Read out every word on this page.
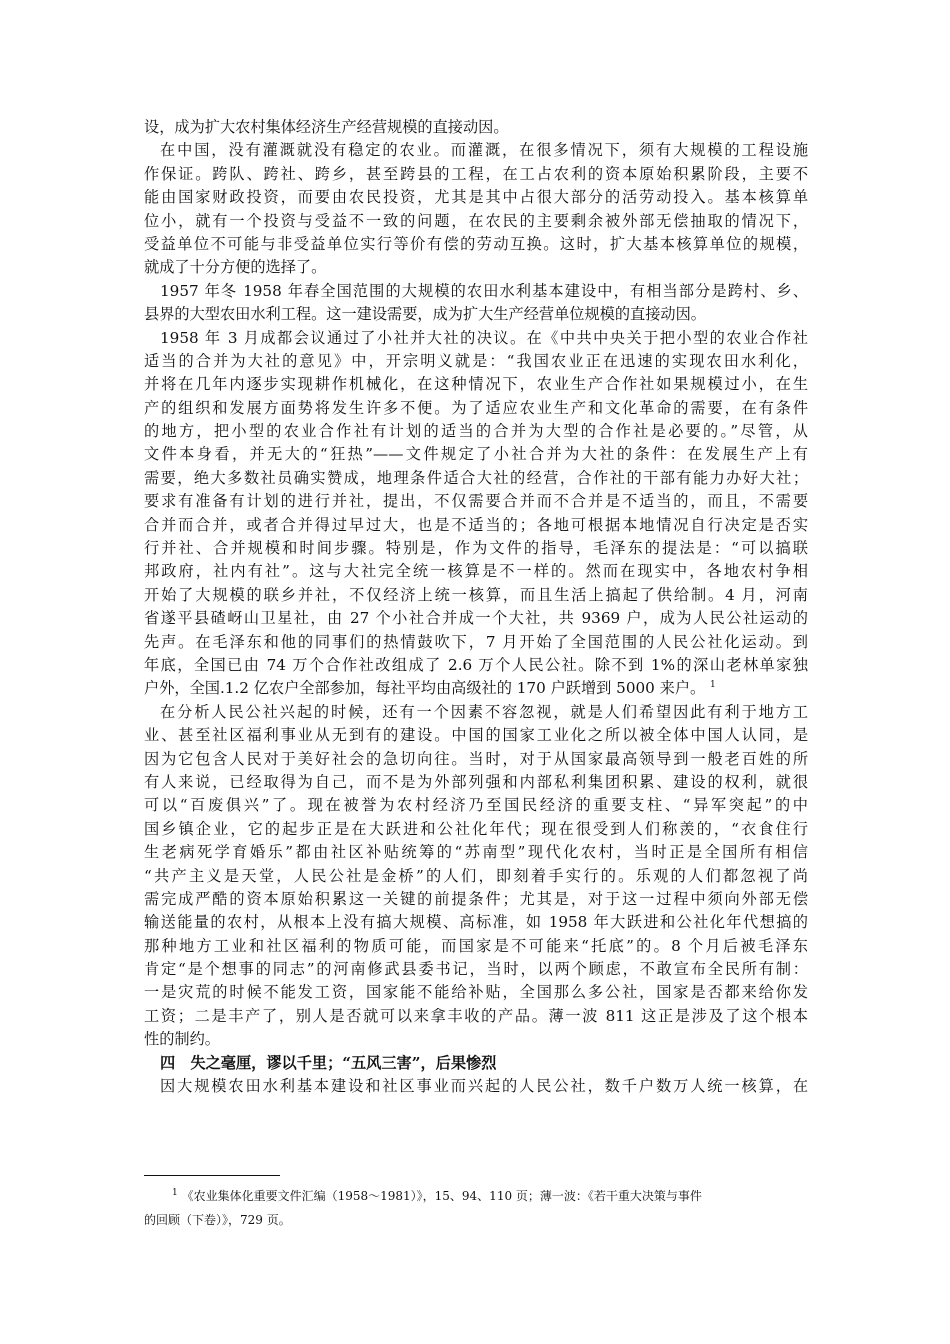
设，成为扩大农村集体经济生产经营规模的直接动因。
在中国，没有灌溉就没有稳定的农业。而灌溉，在很多情况下，须有大规模的工程设施
作保证。跨队、跨社、跨乡，甚至跨县的工程，在工占农利的资本原始积累阶段，主要不
能由国家财政投资，而要由农民投资，尤其是其中占很大部分的活劳动投入。基本核算单
位小，就有一个投资与受益不一致的问题，在农民的主要剩余被外部无偿抽取的情况下，
受益单位不可能与非受益单位实行等价有偿的劳动互换。这时，扩大基本核算单位的规模，
就成了十分方便的选择了。
1957 年冬 1958 年春全国范围的大规模的农田水利基本建设中，有相当部分是跨村、乡、
县界的大型农田水利工程。这一建设需要，成为扩大生产经营单位规模的直接动因。
1958 年 3 月成都会议通过了小社并大社的决议。在《中共中央关于把小型的农业合作社
适当的合并为大社的意见》中，开宗明义就是：“我国农业正在迅速的实现农田水利化，
并将在几年内逐步实现耕作机械化，在这种情况下，农业生产合作社如果规模过小，在生
产的组织和发展方面势将发生许多不便。为了适应农业生产和文化革命的需要，在有条件
的地方，把小型的农业合作社有计划的适当的合并为大型的合作社是必要的。”尽管，从
文件本身看，并无大的“狂热”——文件规定了小社合并为大社的条件：在发展生产上有
需要，绝大多数社员确实赞成，地理条件适合大社的经营，合作社的干部有能力办好大社；
要求有准备有计划的进行并社，提出，不仅需要合并而不合并是不适当的，而且，不需要
合并而合并，或者合并得过早过大，也是不适当的；各地可根据本地情况自行决定是否实
行并社、合并规模和时间步骤。特别是，作为文件的指导，毛泽东的提法是：“可以搞联
邦政府，社内有社”。这与大社完全统一核算是不一样的。然而在现实中，各地农村争相
开始了大规模的联乡并社，不仅经济上统一核算，而且生活上搞起了供给制。4 月，河南
省遂平县碴岈山卫星社，由 27 个小社合并成一个大社，共 9369 户，成为人民公社运动的
先声。在毛泽东和他的同事们的热情鼓吹下，7 月开始了全国范围的人民公社化运动。到
年底，全国已由 74 万个合作社改组成了 2.6 万个人民公社。除不到 1%的深山老林单家独
户外，全国.1.2 亿农户全部参加，每社平均由高级社的 170 户跃增到 5000 来户。 $^1$
在分析人民公社兴起的时候，还有一个因素不容忽视，就是人们希望因此有利于地方工
业、甚至社区福利事业从无到有的建设。中国的国家工业化之所以被全体中国人认同，是
因为它包含人民对于美好社会的急切向往。当时，对于从国家最高领导到一般老百姓的所
有人来说，已经取得为自己，而不是为外部列强和内部私利集团积累、建设的权利，就很
可以“百废俱兴”了。现在被誉为农村经济乃至国民经济的重要支柱、“异军突起”的中
国乡镇企业，它的起步正是在大跃进和公社化年代；现在很受到人们称羡的，“衣食住行
生老病死学育婚乐”都由社区补贴统筹的“苏南型”现代化农村，当时正是全国所有相信
“共产主义是天堂，人民公社是金桥”的人们，即刻着手实行的。乐观的人们都忽视了尚
需完成严酷的资本原始积累这一关键的前提条件；尤其是，对于这一过程中须向外部无偿
输送能量的农村，从根本上没有搞大规模、高标准，如 1958 年大跃进和公社化年代想搞的
那种地方工业和社区福利的物质可能，而国家是不可能来“托底”的。8 个月后被毛泽东
肯定“是个想事的同志”的河南修武县委书记，当时，以两个顾虑，不敢宣布全民所有制：
一是灾荒的时候不能发工资，国家能不能给补贴，全国那么多公社，国家是否都来给你发
工资；二是丰产了，别人是否就可以来拿丰收的产品。薄一波 811 这正是涉及了这个根本
性的制约。
四　失之毫厘，谬以千里；“五风三害”，后果惨烈
因大规模农田水利基本建设和社区事业而兴起的人民公社，数千户数万人统一核算，在
$^1$ 《农业集体化重要文件汇编（1958～1981）》，15、94、110 页；薄一波：《若干重大决策与事件
的回顾（下卷）》，729 页。
